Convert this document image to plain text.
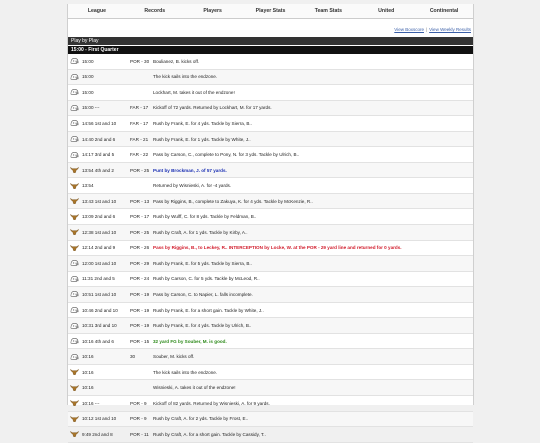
League	Records	Players	Player Stats	Team Stats	United	Continental
View Boxscore | View Weekly Results
Play by Play
15:00 - First Quarter
15:00	POR - 30 Boulianez, B. kicks off.
15:00	The kick sails into the endzone.
15:00	Lockhart, M. takes it out of the endzone!
15:00 ---	FAR - 17	Kickoff of 72 yards. Returned by Lockhart, M. for 17 yards.
14:56 1st and 10	FAR - 17	Rush by Frank, E. for 4 yds. Tackle by Sierra, B..
14:40 2nd and 6	FAR - 21	Rush by Frank, E. for 1 yds. Tackle by White, J..
14:17 3rd and 5	FAR - 22	Pass by Carson, C., complete to Pony, N. for 3 yds. Tackle by Ulrich, B..
13:54 4th and 2	POR - 25 Punt by Brockman, J. of 57 yards.
13:54	Returned by Wisnieski, A. for -4 yards.
13:43 1st and 10	POR - 13 Pass by Riggins, B., complete to Zakuya, K. for 4 yds. Tackle by McKenzie, R..
13:09 2nd and 6	POR - 17 Rush by Wulff, C. for 8 yds. Tackle by Feldman, B..
12:38 1st and 10	POR - 25 Rush by Craft, A. for 1 yds. Tackle by Kirby, A..
12:14 2nd and 9	POR - 26 Pass by Riggins, B., to Leckey, R.. INTERCEPTION by Locke, W. at the POR - 29 yard line and returned for 0 yards.
12:00 1st and 10	POR - 29 Rush by Frank, E. for 5 yds. Tackle by Sierra, B..
11:31 2nd and 5	POR - 24 Rush by Carson, C. for 5 yds. Tackle by McLeod, R..
10:51 1st and 10	POR - 19 Pass by Carson, C. to Napier, L. falls incomplete.
10:46 2nd and 10	POR - 19 Rush by Frank, E. for a short gain. Tackle by White, J..
10:31 3rd and 10	POR - 19 Rush by Frank, E. for 4 yds. Tackle by Ulrich, B..
10:16 4th and 6	POR - 15 32 yard FG by Souber, M. is good.
10:16	30	Souber, M. kicks off.
10:16	The kick sails into the endzone.
10:16	Wisnieski, A. takes it out of the endzone!
10:16 ---	POR - 9	Kickoff of 82 yards. Returned by Wisnieski, A. for 9 yards.
10:12 1st and 10	POR - 9	Rush by Craft, A. for 2 yds. Tackle by Frost, E..
9:49 2nd and 8	POR - 11 Rush by Craft, A. for a short gain. Tackle by Cassidy, T..
